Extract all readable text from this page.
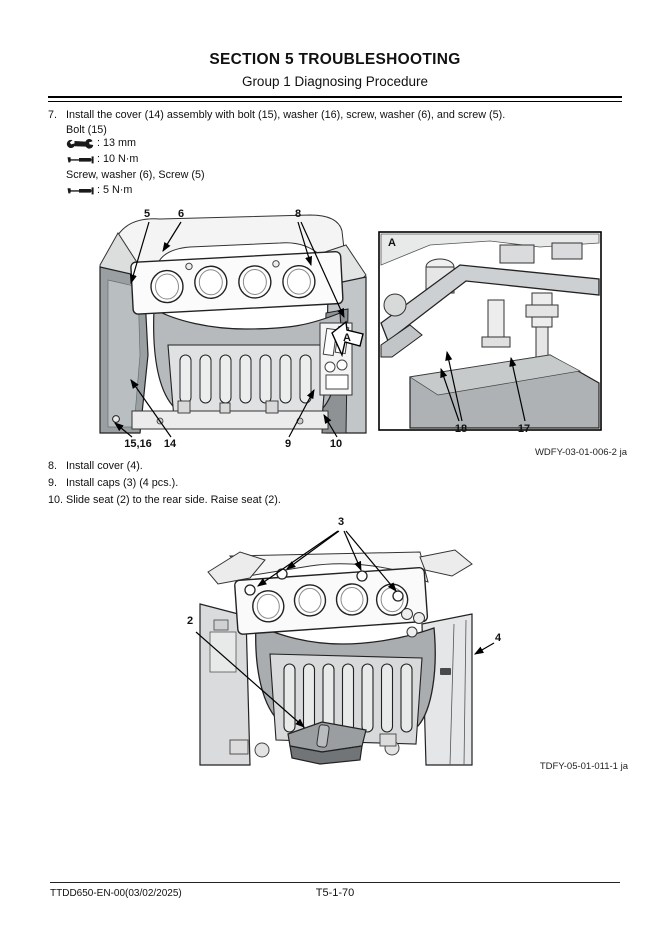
SECTION 5 TROUBLESHOOTING
Group 1 Diagnosing Procedure
7. Install the cover (14) assembly with bolt (15), washer (16), screw, washer (6), and screw (5).
Bolt (15)
: 13 mm
: 10 N·m
Screw, washer (6), Screw (5)
: 5 N·m
5	6	8
15,16 14	9	10
A
A
18	17
WDFY-03-01-006-2 ja
8. Install cover (4).
9. Install caps (3) (4 pcs.).
10. Slide seat (2) to the rear side. Raise seat (2).
3
2
4
TDFY-05-01-011-1 ja
TTDD650-EN-00(03/02/2025)	T5-1-70
